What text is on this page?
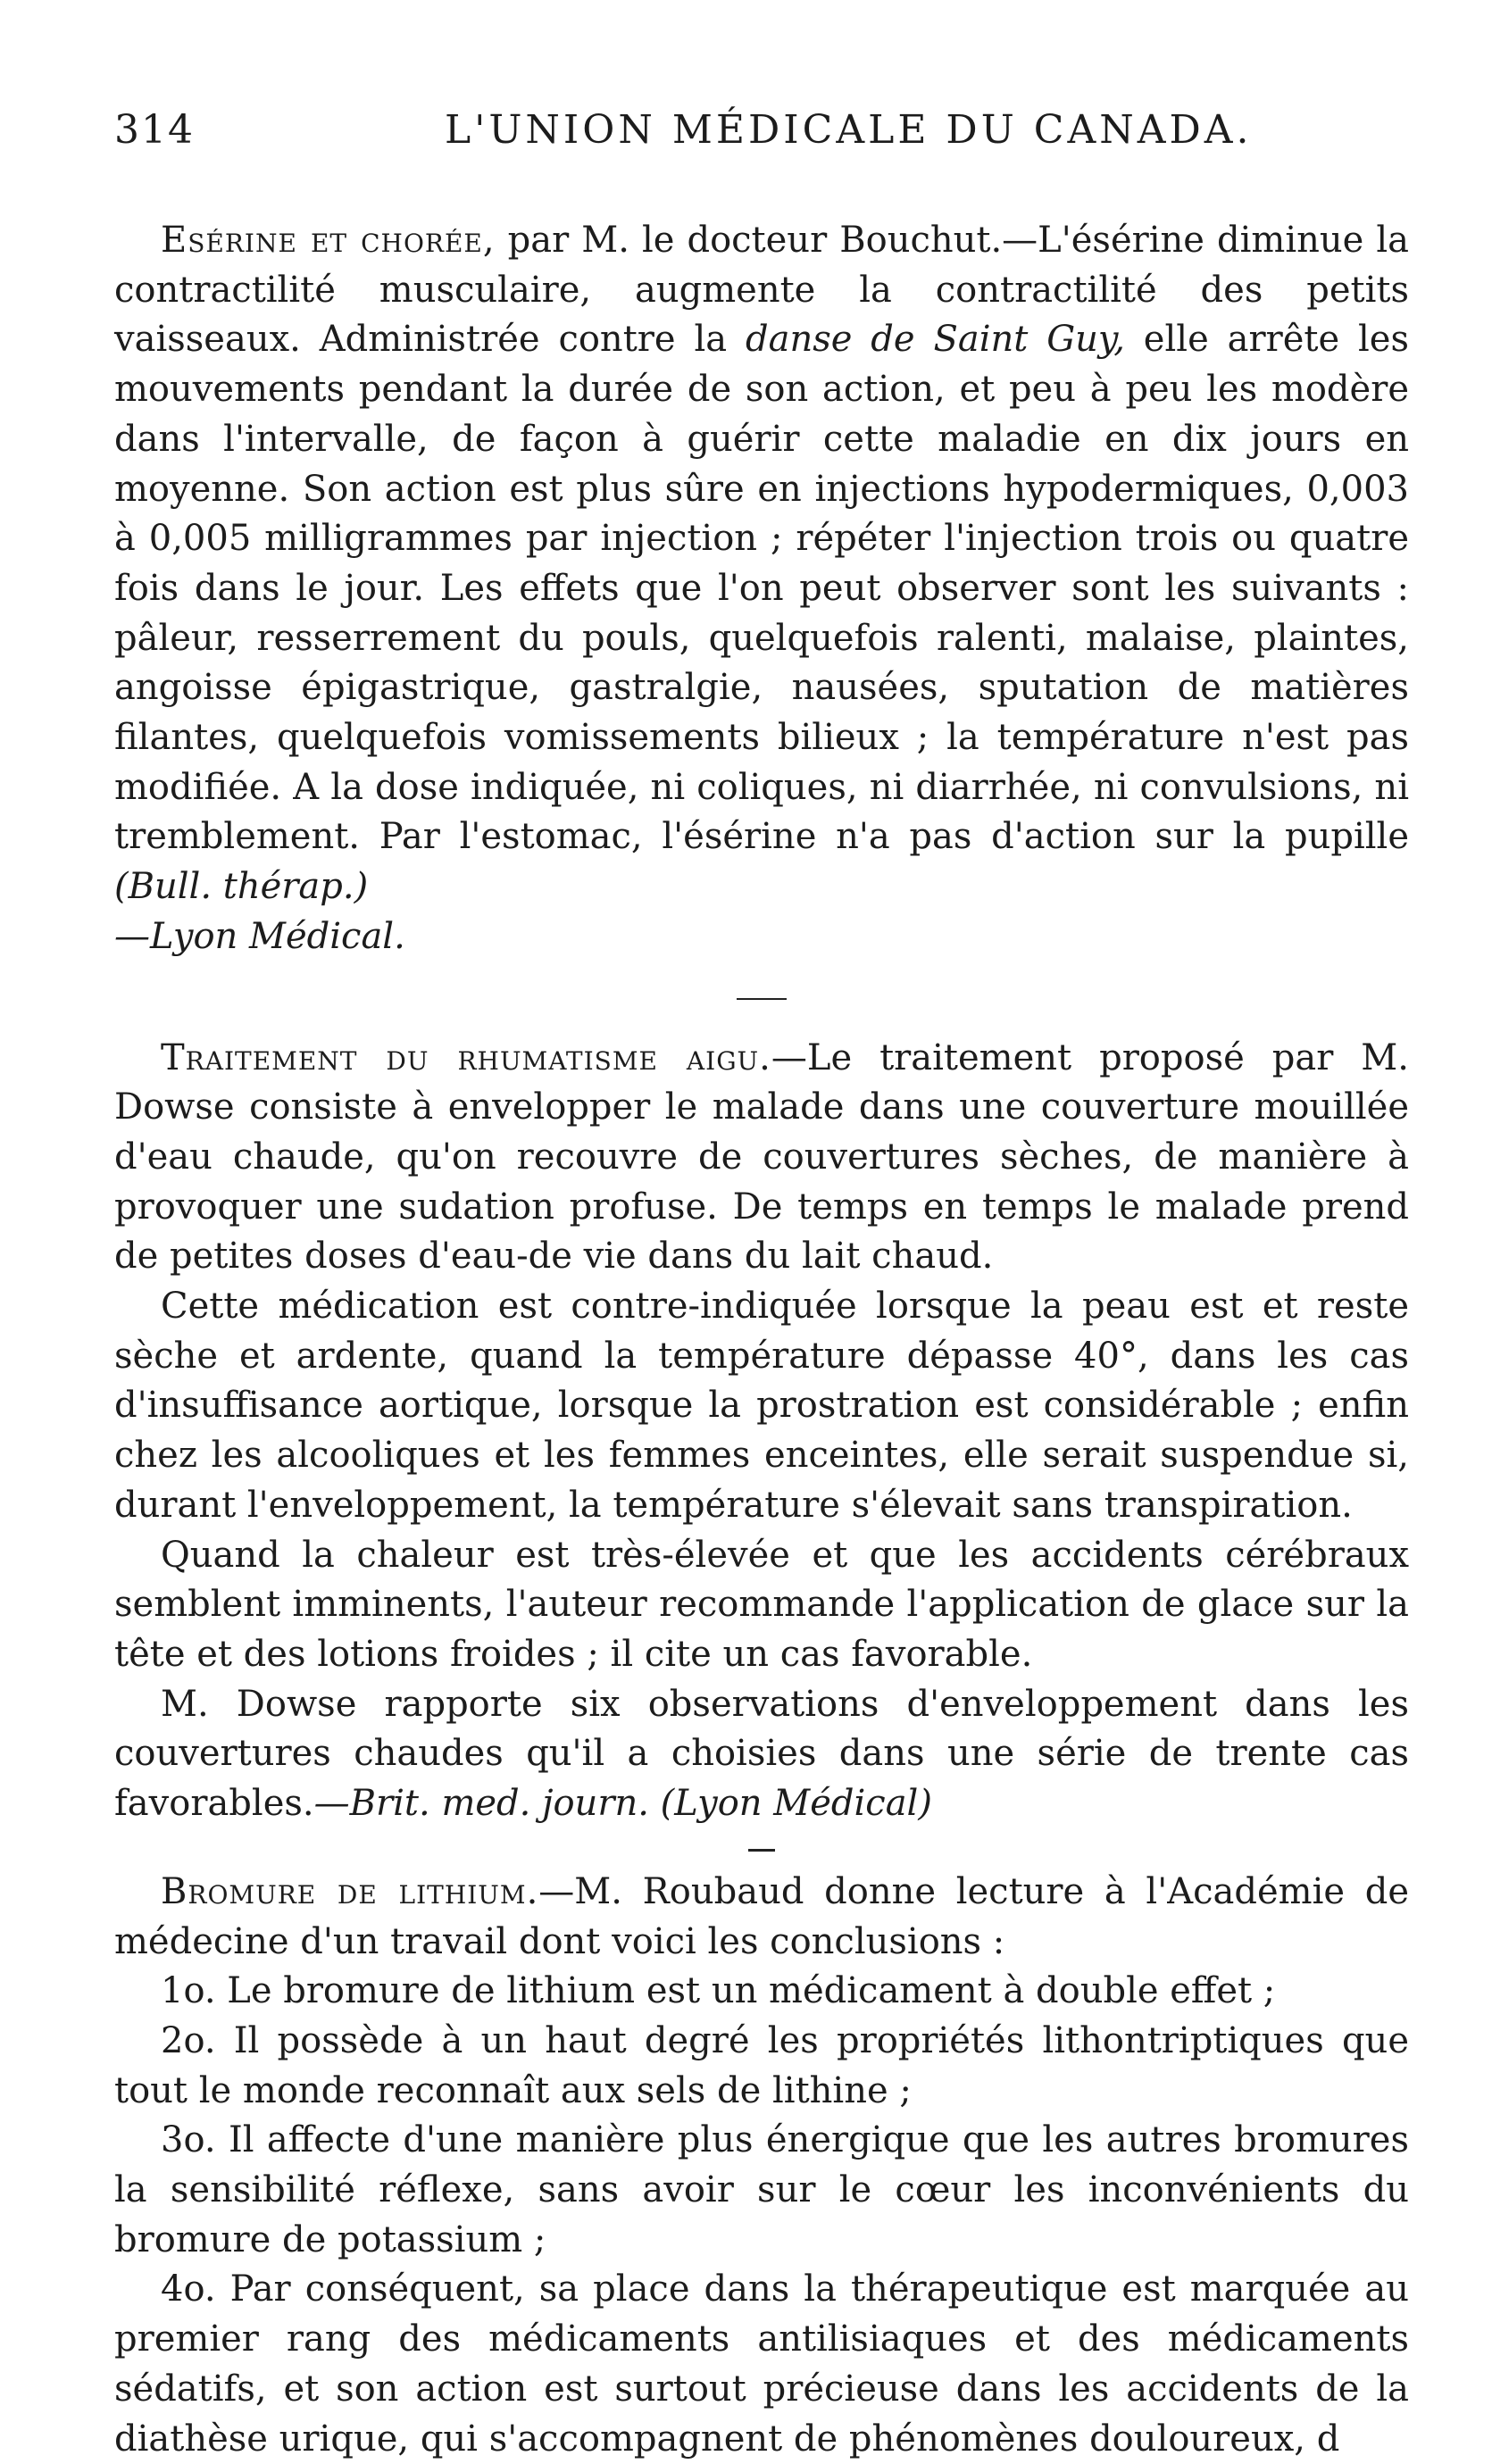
314	L'UNION MÉDICALE DU CANADA.

Esérine et chorée, par M. le docteur Bouchut.—L'ésérine diminue la contractilité musculaire, augmente la contractilité des petits vaisseaux. Administrée contre la danse de Saint Guy, elle arrête les mouvements pendant la durée de son action, et peu à peu les modère dans l'intervalle, de façon à guérir cette maladie en dix jours en moyenne. Son action est plus sûre en injections hypodermiques, 0,003 à 0,005 milligrammes par injection ; répéter l'injection trois ou quatre fois dans le jour. Les effets que l'on peut observer sont les suivants : pâleur, resserrement du pouls, quelquefois ralenti, malaise, plaintes, angoisse épigastrique, gastralgie, nausées, sputation de matières filantes, quelquefois vomissements bilieux ; la température n'est pas modifiée. A la dose indiquée, ni coliques, ni diarrhée, ni convulsions, ni tremblement. Par l'estomac, l'ésérine n'a pas d'action sur la pupille (Bull. thérap.)
—Lyon Médical.

Traitement du rhumatisme aigu.—Le traitement proposé par M. Dowse consiste à envelopper le malade dans une couverture mouillée d'eau chaude, qu'on recouvre de couvertures sèches, de manière à provoquer une sudation profuse. De temps en temps le malade prend de petites doses d'eau-de vie dans du lait chaud.

Cette médication est contre-indiquée lorsque la peau est et reste sèche et ardente, quand la température dépasse 40°, dans les cas d'insuffisance aortique, lorsque la prostration est considérable ; enfin chez les alcooliques et les femmes enceintes, elle serait suspendue si, durant l'enveloppement, la température s'élevait sans transpiration.

Quand la chaleur est très-élevée et que les accidents cérébraux semblent imminents, l'auteur recommande l'application de glace sur la tête et des lotions froides ; il cite un cas favorable.

M. Dowse rapporte six observations d'enveloppement dans les couvertures chaudes qu'il a choisies dans une série de trente cas favorables.—Brit. med. journ. (Lyon Médical)

Bromure de lithium.—M. Roubaud donne lecture à l'Académie de médecine d'un travail dont voici les conclusions :

1o. Le bromure de lithium est un médicament à double effet ;

2o. Il possède à un haut degré les propriétés lithontriptiques que tout le monde reconnaît aux sels de lithine ;

3o. Il affecte d'une manière plus énergique que les autres bromures la sensibilité réflexe, sans avoir sur le cœur les inconvénients du bromure de potassium ;

4o. Par conséquent, sa place dans la thérapeutique est marquée au premier rang des médicaments antilisiaques et des médicaments sédatifs, et son action est surtout précieuse dans les accidents de la diathèse urique, qui s'accompagnent de phénomènes douloureux, d
